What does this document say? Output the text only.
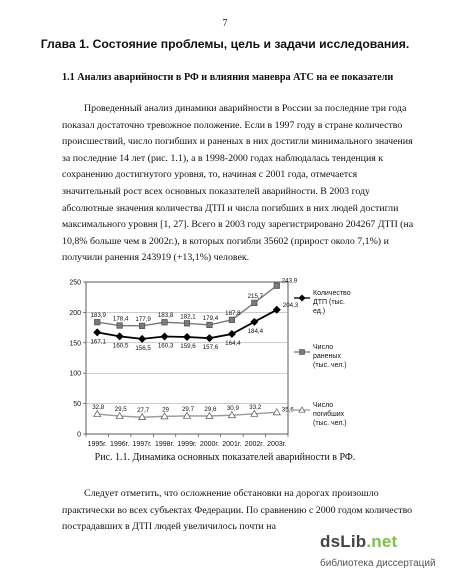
7
Глава 1. Состояние проблемы, цель и задачи исследования.
1.1 Анализ аварийности в РФ и влияния маневра АТС на ее показатели
Проведенный анализ динамики аварийности в России за последние три года показал достаточно тревожное положение. Если в 1997 году в стране количество происшествий, число погибших и раненых в них достигли минимального значения за последние 14 лет (рис. 1.1), а в 1998-2000 годах наблюдалась тенденция к сохранению достигнутого уровня, то, начиная с 2001 года, отмечается значительный рост всех основных показателей аварийности. В 2003 году абсолютные значения количества ДТП и числа погибших в них людей достигли максимального уровня [1, 27]. Всего в 2003 году зарегистрировано 204267 ДТП (на 10,8% больше чем в 2002г.), в которых погибли 35602 (прирост около 7,1%) и получили ранения 243919 (+13,1%) человек.
0
50
100
150
200
250
1995г. 1996г. 1997г. 1998г. 1999г. 2000г. 2001г. 2002г. 2003г.
167,1
160,5 156,5 160,3 159,6 157,6
164,4
184,4
204,3
183,9 178,4 177,9
183,8 182,1 179,4
187,8
215,7
243,9
32,8 29,5 27,7 29 29,7 29,6 30,9 33,2	35,6
Количество
ДТП (тыс.
ед.)
Число
раненых
(тыс. чел.)
Число
погибших
(тыс. чел.)
Рис. 1.1. Динамика основных показателей аварийности в РФ.
Следует отметить, что осложнение обстановки на дорогах произошло практически во всех субъектах Федерации. По сравнению с 2000 годом количество пострадавших в ДТП людей увеличилось почти на
dsLib.net
библиотека диссертаций
